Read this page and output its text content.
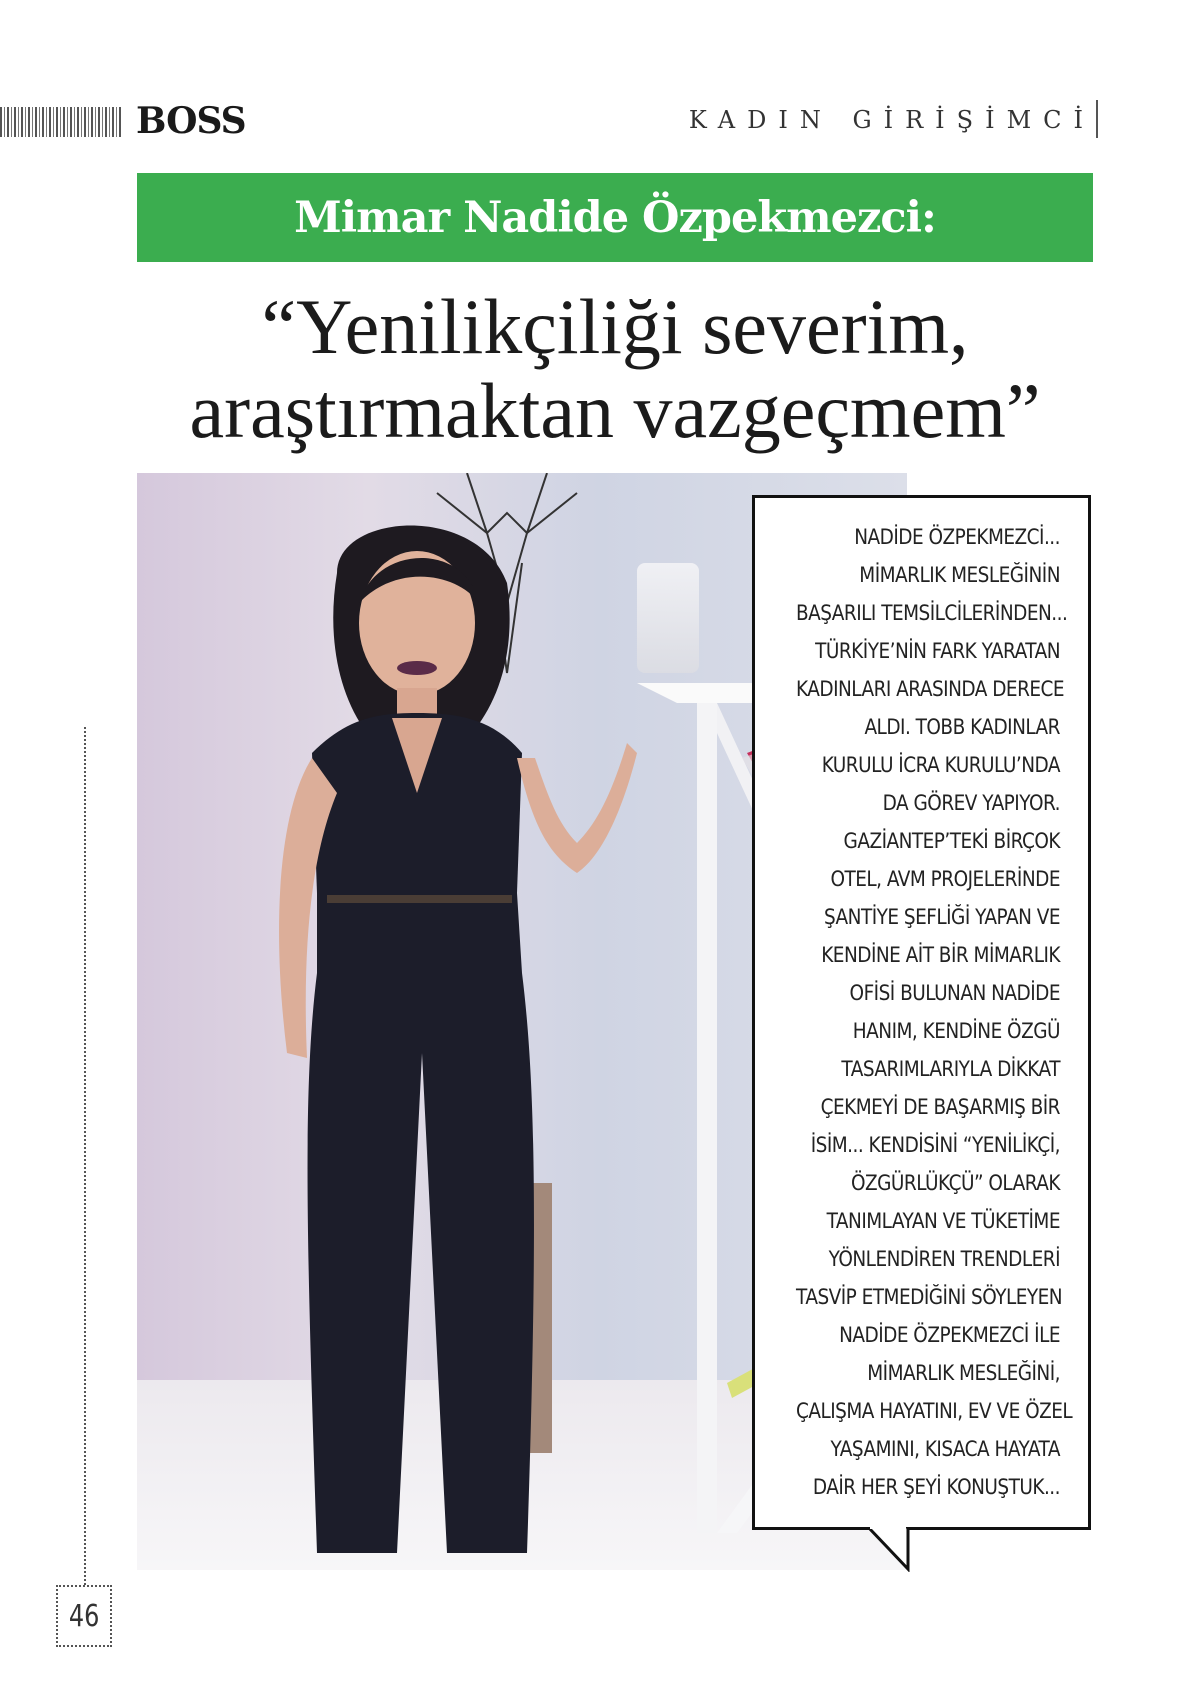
BOSS	KADIN GİRİŞİMCİ
Mimar Nadide Özpekmezci:
“Yenilikçiliği severim,
araştırmaktan vazgeçmem”
NADİDE ÖZPEKMEZCİ...
MİMARLIK MESLEĞİNİN
BAŞARILI TEMSİLCİLERİNDEN...
TÜRKİYE’NİN FARK YARATAN
KADINLARI ARASINDA DERECE
ALDI. TOBB KADINLAR
KURULU İCRA KURULU’NDA
DA GÖREV YAPIYOR.
GAZİANTEP’TEKİ BİRÇOK
OTEL, AVM PROJELERİNDE
ŞANTİYE ŞEFLİĞİ YAPAN VE
KENDİNE AİT BİR MİMARLIK
OFİSİ BULUNAN NADİDE
HANIM, KENDİNE ÖZGÜ
TASARIMLARIYLA DİKKAT
ÇEKMEYİ DE BAŞARMIŞ BİR
İSİM... KENDİSİNİ “YENİLİKÇİ,
ÖZGÜRLÜKÇÜ” OLARAK
TANIMLAYAN VE TÜKETİME
YÖNLENDİREN TRENDLERİ
TASVİP ETMEDİĞİNİ SÖYLEYEN
NADİDE ÖZPEKMEZCİ İLE
MİMARLIK MESLEĞİNİ,
ÇALIŞMA HAYATINI, EV VE ÖZEL
YAŞAMINI, KISACA HAYATA
DAİR HER ŞEYİ KONUŞTUK...
46
